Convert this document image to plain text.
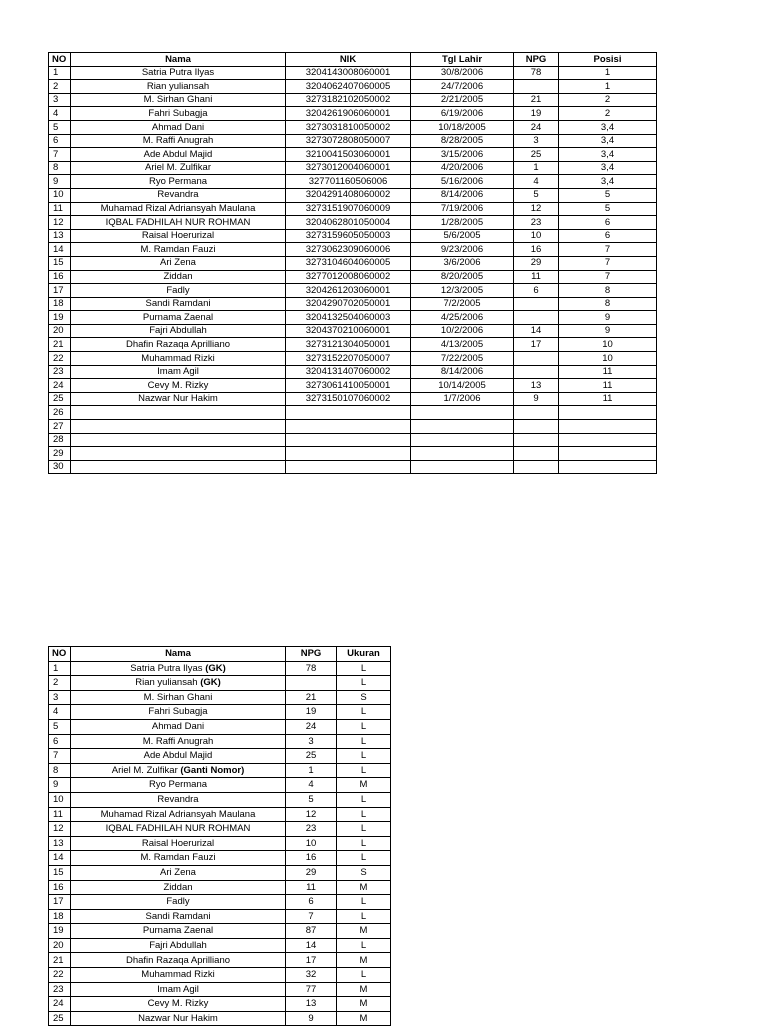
NO	Nama	NIK	Tgl Lahir	NPG	Posisi
1	Satria Putra Ilyas	3204143008060001	30/8/2006	78	1
2	Rian yuliansah	3204062407060005	24/7/2006		1
3	M. Sirhan Ghani	3273182102050002	2/21/2005	21	2
4	Fahri Subagja	3204261906060001	6/19/2006	19	2
5	Ahmad Dani	3273031810050002	10/18/2005	24	3,4
6	M. Raffi Anugrah	3273072808050007	8/28/2005	3	3,4
7	Ade Abdul Majid	3210041503060001	3/15/2006	25	3,4
8	Ariel M. Zulfikar	3273012004060001	4/20/2006	1	3,4
9	Ryo Permana	327701160506006	5/16/2006	4	3,4
10	Revandra	3204291408060002	8/14/2006	5	5
11	Muhamad Rizal Adriansyah Maulana	3273151907060009	7/19/2006	12	5
12	IQBAL FADHILAH NUR ROHMAN	3204062801050004	1/28/2005	23	6
13	Raisal Hoerurizal	3273159605050003	5/6/2005	10	6
14	M. Ramdan Fauzi	3273062309060006	9/23/2006	16	7
15	Ari Zena	3273104604060005	3/6/2006	29	7
16	Ziddan	3277012008060002	8/20/2005	11	7
17	Fadly	3204261203060001	12/3/2005	6	8
18	Sandi Ramdani	3204290702050001	7/2/2005		8
19	Purnama Zaenal	3204132504060003	4/25/2006		9
20	Fajri Abdullah	3204370210060001	10/2/2006	14	9
21	Dhafin Razaqa Aprilliano	3273121304050001	4/13/2005	17	10
22	Muhammad Rizki	3273152207050007	7/22/2005		10
23	Imam Agil	3204131407060002	8/14/2006		11
24	Cevy M. Rizky	3273061410050001	10/14/2005	13	11
25	Nazwar Nur Hakim	3273150107060002	1/7/2006	9	11
26					
27					
28					
29					
30					
NO	Nama	NPG	Ukuran
1	Satria Putra Ilyas (GK)	78	L
2	Rian yuliansah (GK)		L
3	M. Sirhan Ghani	21	S
4	Fahri Subagja	19	L
5	Ahmad Dani	24	L
6	M. Raffi Anugrah	3	L
7	Ade Abdul Majid	25	L
8	Ariel M. Zulfikar (Ganti Nomor)	1	L
9	Ryo Permana	4	M
10	Revandra	5	L
11	Muhamad Rizal Adriansyah Maulana	12	L
12	IQBAL FADHILAH NUR ROHMAN	23	L
13	Raisal Hoerurizal	10	L
14	M. Ramdan Fauzi	16	L
15	Ari Zena	29	S
16	Ziddan	11	M
17	Fadly	6	L
18	Sandi Ramdani	7	L
19	Purnama Zaenal	87	M
20	Fajri Abdullah	14	L
21	Dhafin Razaqa Aprilliano	17	M
22	Muhammad Rizki	32	L
23	Imam Agil	77	M
24	Cevy M. Rizky	13	M
25	Nazwar Nur Hakim	9	M
